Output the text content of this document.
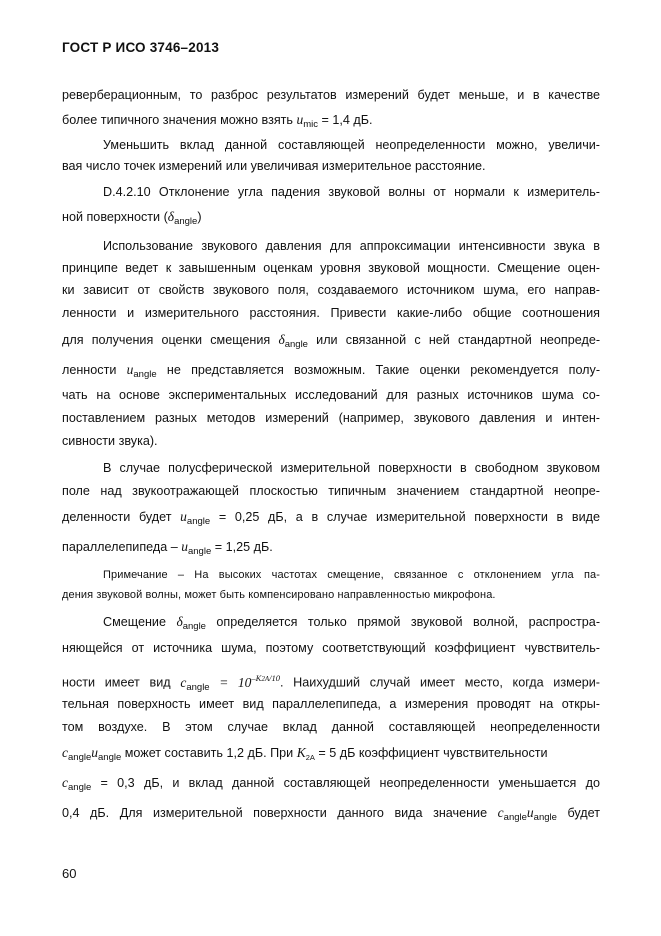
ГОСТ Р ИСО 3746–2013
реверберационным, то разброс результатов измерений будет меньше, и в качестве
более типичного значения можно взять $u_{mic} = 1,4$ дБ.
Уменьшить вклад данной составляющей неопределенности можно, увеличи-
вая число точек измерений или увеличивая измерительное расстояние.
D.4.2.10 Отклонение угла падения звуковой волны от нормали к измеритель-
ной поверхности $(\delta_{angle})$
Использование звукового давления для аппроксимации интенсивности звука в
принципе ведет к завышенным оценкам уровня звуковой мощности. Смещение оцен-
ки зависит от свойств звукового поля, создаваемого источником шума, его направ-
ленности и измерительного расстояния. Привести какие-либо общие соотношения
для получения оценки смещения $\delta_{angle}$ или связанной с ней стандартной неопреде-
ленности $u_{angle}$ не представляется возможным. Такие оценки рекомендуется полу-
чать на основе экспериментальных исследований для разных источников шума со-
поставлением разных методов измерений (например, звукового давления и интен-
сивности звука).
В случае полусферической измерительной поверхности в свободном звуковом
поле над звукоотражающей плоскостью типичным значением стандартной неопре-
деленности будет $u_{angle} = 0,25$ дБ, а в случае измерительной поверхности в виде
параллелепипеда – $u_{angle} = 1,25$ дБ.
Примечание – На высоких частотах смещение, связанное с отклонением угла па-
дения звуковой волны, может быть компенсировано направленностью микрофона.
Смещение $\delta_{angle}$ определяется только прямой звуковой волной, распростра-
няющейся от источника шума, поэтому соответствующий коэффициент чувствитель-
ности имеет вид $c_{angle} = 10^{-K2A/10}$. Наихудший случай имеет место, когда измери-
тельная поверхность имеет вид параллелепипеда, а измерения проводят на откры-
том воздухе. В этом случае вклад данной составляющей неопределенности
$c_{angle}u_{angle}$ может составить 1,2 дБ. При $K_{2A} = 5$ дБ коэффициент чувствительности
$c_{angle} = 0,3$ дБ, и вклад данной составляющей неопределенности уменьшается до
0,4 дБ. Для измерительной поверхности данного вида значение $c_{angle}u_{angle}$ будет
60
